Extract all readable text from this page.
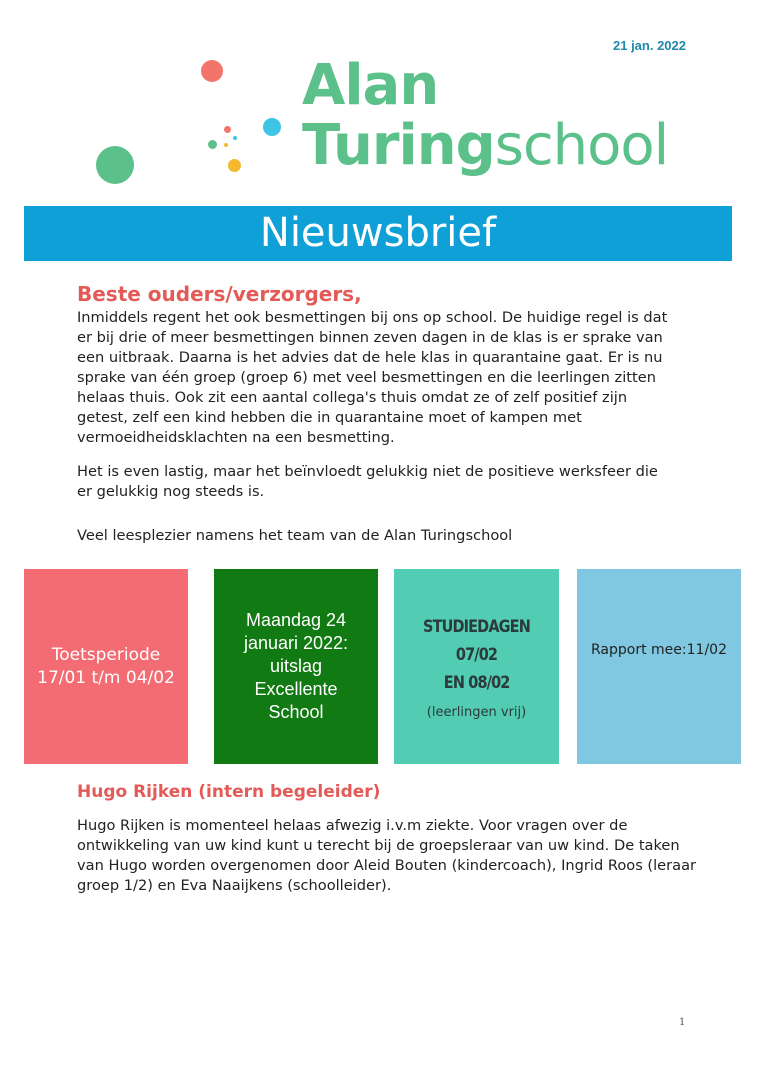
21 jan. 2022
Alan
Turingschool
Nieuwsbrief
Beste ouders/verzorgers,
Inmiddels regent het ook besmettingen bij ons op school. De huidige regel is dat er bij drie of meer besmettingen binnen zeven dagen in de klas is er sprake van een uitbraak. Daarna is het advies dat de hele klas in quarantaine gaat. Er is nu sprake van één groep (groep 6) met veel besmettingen en die leerlingen zitten helaas thuis. Ook zit een aantal collega's thuis omdat ze of zelf positief zijn getest, zelf een kind hebben die in quarantaine moet of kampen met vermoeidheidsklachten na een besmetting.
Het is even lastig, maar het beïnvloedt gelukkig niet de positieve werksfeer die er gelukkig nog steeds is.
Veel leesplezier namens het team van de Alan Turingschool
Toetsperiode
17/01 t/m 04/02
Maandag 24
januari 2022:
uitslag
Excellente
School
STUDIEDAGEN 07/02
EN 08/02
(leerlingen vrij)
Rapport mee:11/02
Hugo Rijken (intern begeleider)
Hugo Rijken is momenteel helaas afwezig i.v.m ziekte. Voor vragen over de ontwikkeling van uw kind kunt u terecht bij de groepsleraar van uw kind. De taken van Hugo worden overgenomen door Aleid Bouten (kindercoach), Ingrid Roos (leraar groep 1/2) en Eva Naaijkens (schoolleider).
1
